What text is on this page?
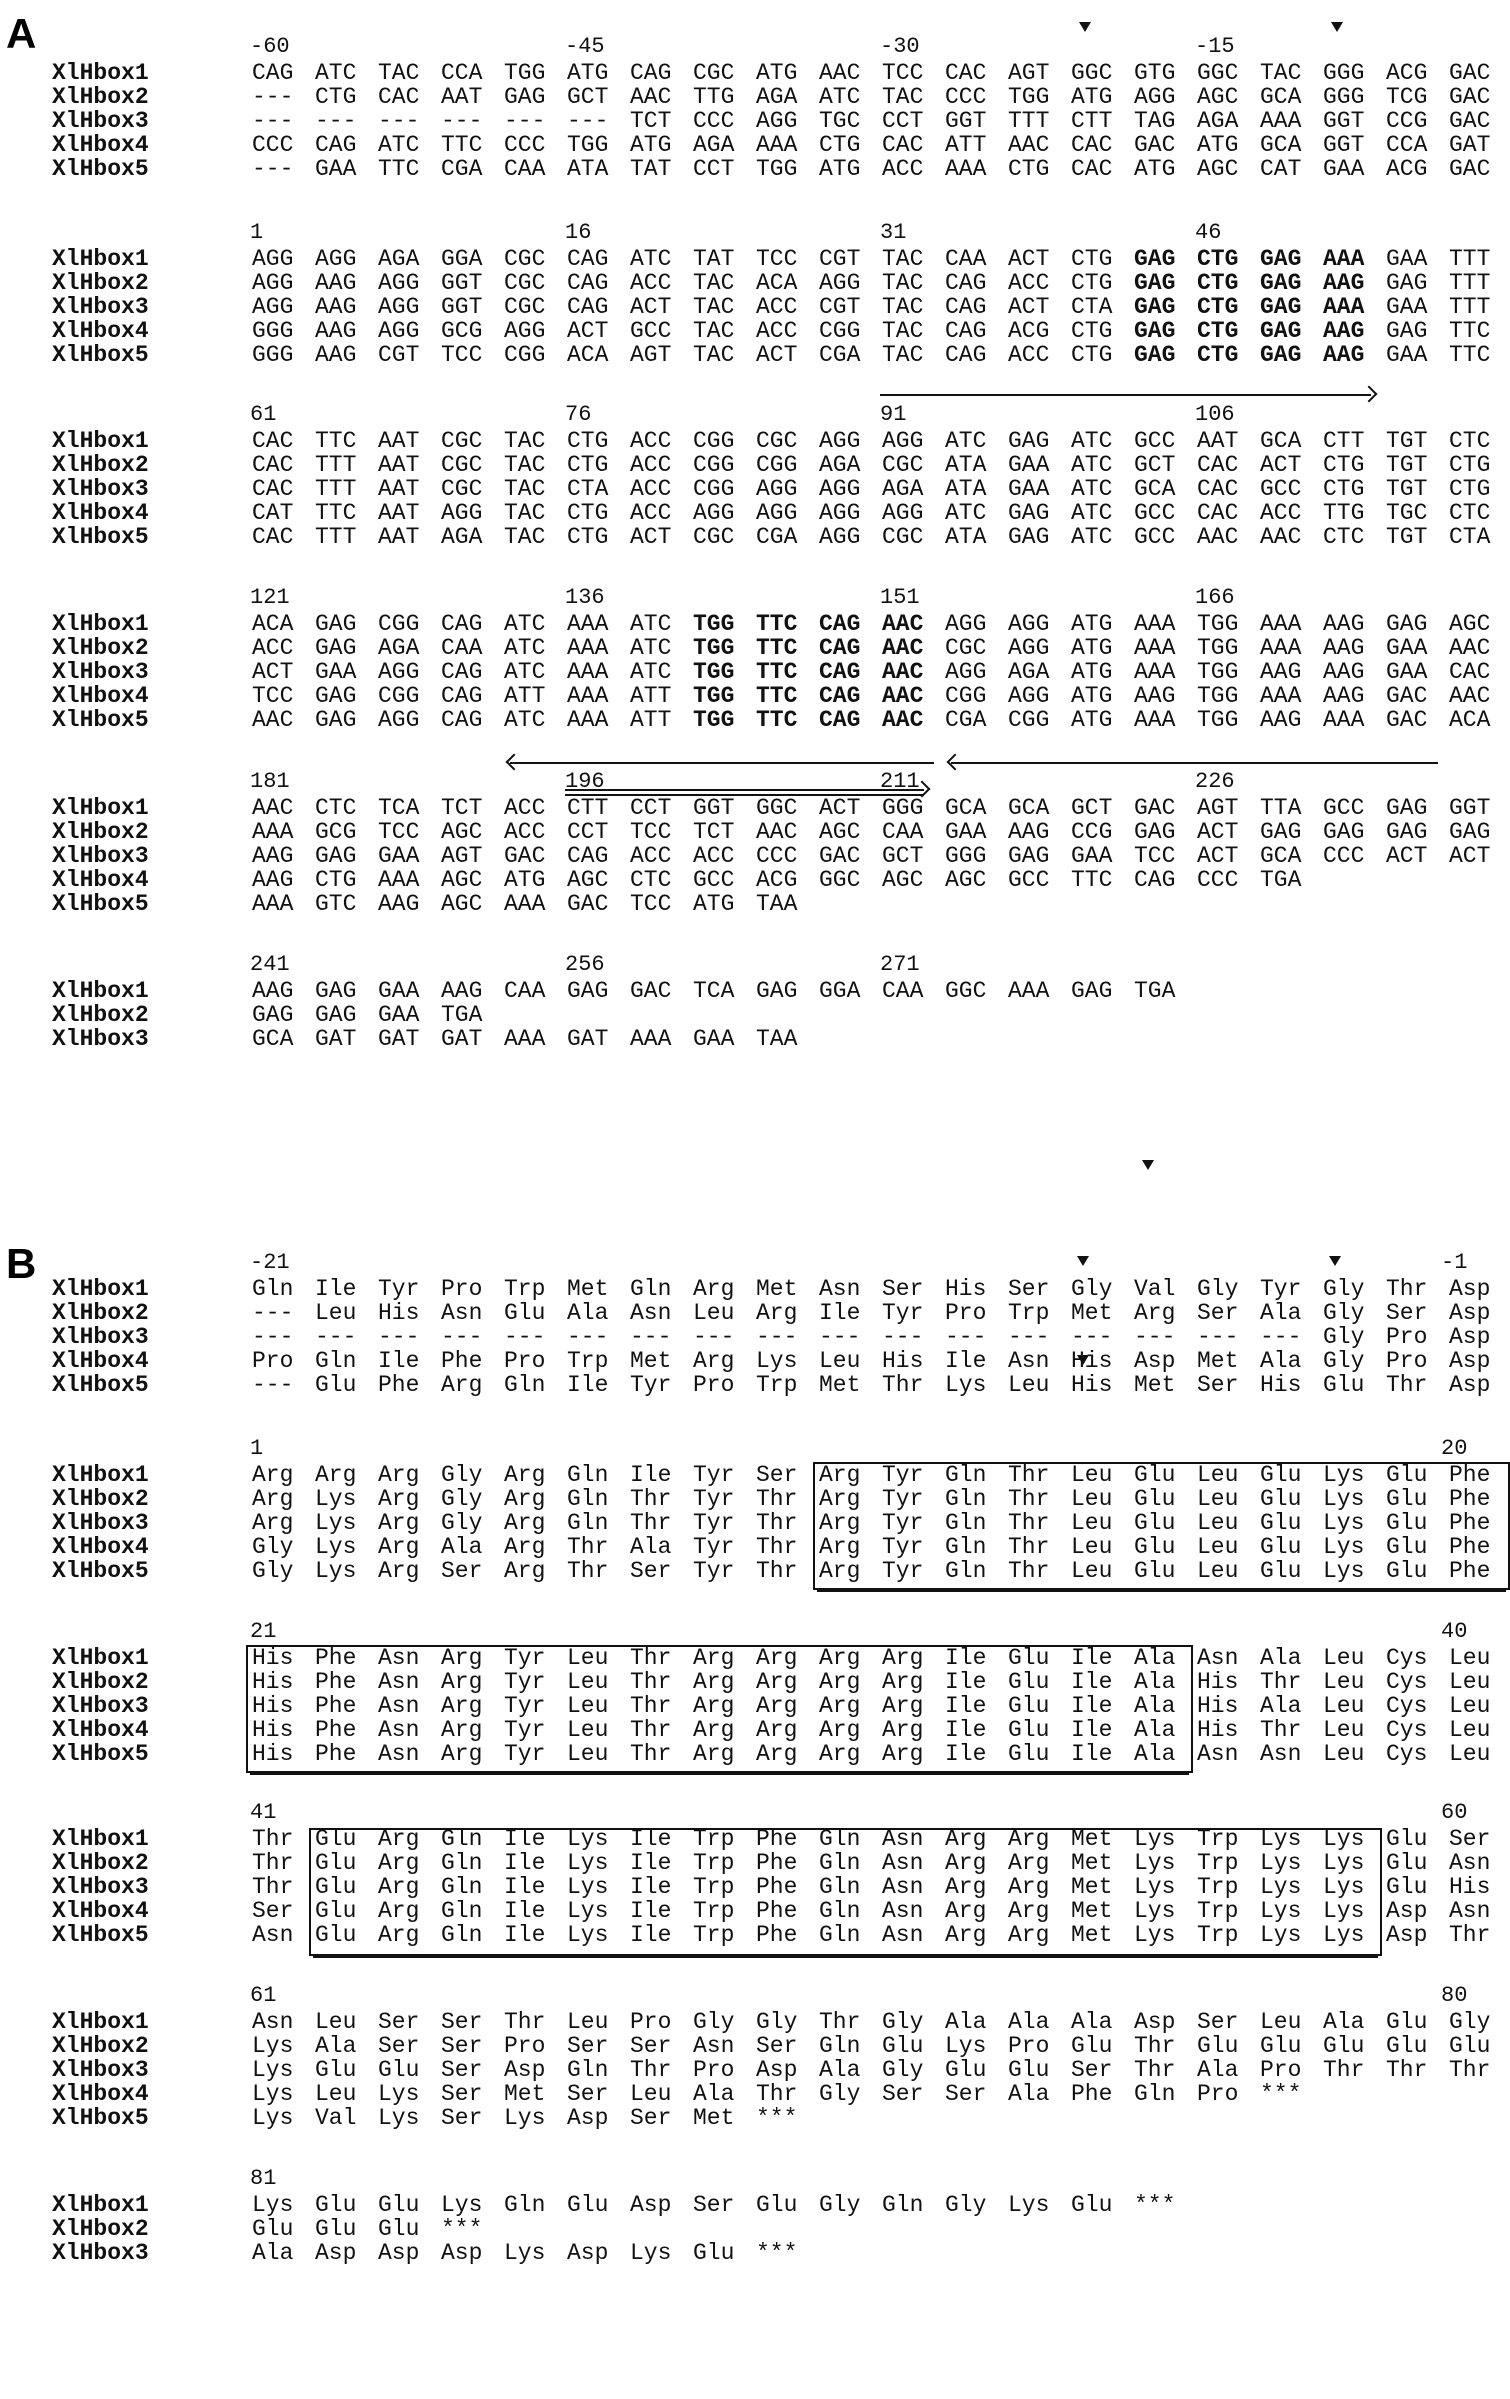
A
B
-60	-45	-30	-15
XlHbox1	CAG ATC TAC CCA TGG ATG CAG CGC ATG AAC TCC CAC AGT GGC GTG GGC TAC GGG ACG GAC
XlHbox2	--- CTG CAC AAT GAG GCT AAC TTG AGA ATC TAC CCC TGG ATG AGG AGC GCA GGG TCG GAC
XlHbox3	--- --- --- --- --- --- TCT CCC AGG TGC CCT GGT TTT CTT TAG AGA AAA GGT CCG GAC
XlHbox4	CCC CAG ATC TTC CCC TGG ATG AGA AAA CTG CAC ATT AAC CAC GAC ATG GCA GGT CCA GAT
XlHbox5	--- GAA TTC CGA CAA ATA TAT CCT TGG ATG ACC AAA CTG CAC ATG AGC CAT GAA ACG GAC
1	16	31	46
XlHbox1	AGG AGG AGA GGA CGC CAG ATC TAT TCC CGT TAC CAA ACT CTG GAG CTG GAG AAA GAA TTT
XlHbox2	AGG AAG AGG GGT CGC CAG ACC TAC ACA AGG TAC CAG ACC CTG GAG CTG GAG AAG GAG TTT
XlHbox3	AGG AAG AGG GGT CGC CAG ACT TAC ACC CGT TAC CAG ACT CTA GAG CTG GAG AAA GAA TTT
XlHbox4	GGG AAG AGG GCG AGG ACT GCC TAC ACC CGG TAC CAG ACG CTG GAG CTG GAG AAG GAG TTC
XlHbox5	GGG AAG CGT TCC CGG ACA AGT TAC ACT CGA TAC CAG ACC CTG GAG CTG GAG AAG GAA TTC
61	76	91	106
XlHbox1	CAC TTC AAT CGC TAC CTG ACC CGG CGC AGG AGG ATC GAG ATC GCC AAT GCA CTT TGT CTC
XlHbox2	CAC TTT AAT CGC TAC CTG ACC CGG CGG AGA CGC ATA GAA ATC GCT CAC ACT CTG TGT CTG
XlHbox3	CAC TTT AAT CGC TAC CTA ACC CGG AGG AGG AGA ATA GAA ATC GCA CAC GCC CTG TGT CTG
XlHbox4	CAT TTC AAT AGG TAC CTG ACC AGG AGG AGG AGG ATC GAG ATC GCC CAC ACC TTG TGC CTC
XlHbox5	CAC TTT AAT AGA TAC CTG ACT CGC CGA AGG CGC ATA GAG ATC GCC AAC AAC CTC TGT CTA
121	136	151	166
XlHbox1	ACA GAG CGG CAG ATC AAA ATC TGG TTC CAG AAC AGG AGG ATG AAA TGG AAA AAG GAG AGC
XlHbox2	ACC GAG AGA CAA ATC AAA ATC TGG TTC CAG AAC CGC AGG ATG AAA TGG AAA AAG GAA AAC
XlHbox3	ACT GAA AGG CAG ATC AAA ATC TGG TTC CAG AAC AGG AGA ATG AAA TGG AAG AAG GAA CAC
XlHbox4	TCC GAG CGG CAG ATT AAA ATT TGG TTC CAG AAC CGG AGG ATG AAG TGG AAA AAG GAC AAC
XlHbox5	AAC GAG AGG CAG ATC AAA ATT TGG TTC CAG AAC CGA CGG ATG AAA TGG AAG AAA GAC ACA
181	196	211	226
XlHbox1	AAC CTC TCA TCT ACC CTT CCT GGT GGC ACT GGG GCA GCA GCT GAC AGT TTA GCC GAG GGT
XlHbox2	AAA GCG TCC AGC ACC CCT TCC TCT AAC AGC CAA GAA AAG CCG GAG ACT GAG GAG GAG GAG
XlHbox3	AAG GAG GAA AGT GAC CAG ACC ACC CCC GAC GCT GGG GAG GAA TCC ACT GCA CCC ACT ACT
XlHbox4	AAG CTG AAA AGC ATG AGC CTC GCC ACG GGC AGC AGC GCC TTC CAG CCC TGA
XlHbox5	AAA GTC AAG AGC AAA GAC TCC ATG TAA
241	256	271
XlHbox1	AAG GAG GAA AAG CAA GAG GAC TCA GAG GGA CAA GGC AAA GAG TGA
XlHbox2	GAG GAG GAA TGA
XlHbox3	GCA GAT GAT GAT AAA GAT AAA GAA TAA
-21	-1
XlHbox1	Gln Ile Tyr Pro Trp Met Gln Arg Met Asn Ser His Ser Gly Val Gly Tyr Gly Thr Asp
XlHbox2	--- Leu His Asn Glu Ala Asn Leu Arg Ile Tyr Pro Trp Met Arg Ser Ala Gly Ser Asp
XlHbox3	--- --- --- --- --- --- --- --- --- --- --- --- --- --- --- --- --- Gly Pro Asp
XlHbox4	Pro Gln Ile Phe Pro Trp Met Arg Lys Leu His Ile Asn His Asp Met Ala Gly Pro Asp
XlHbox5	--- Glu Phe Arg Gln Ile Tyr Pro Trp Met Thr Lys Leu His Met Ser His Glu Thr Asp
1	20
XlHbox1	Arg Arg Arg Gly Arg Gln Ile Tyr Ser Arg Tyr Gln Thr Leu Glu Leu Glu Lys Glu Phe
XlHbox2	Arg Lys Arg Gly Arg Gln Thr Tyr Thr Arg Tyr Gln Thr Leu Glu Leu Glu Lys Glu Phe
XlHbox3	Arg Lys Arg Gly Arg Gln Thr Tyr Thr Arg Tyr Gln Thr Leu Glu Leu Glu Lys Glu Phe
XlHbox4	Gly Lys Arg Ala Arg Thr Ala Tyr Thr Arg Tyr Gln Thr Leu Glu Leu Glu Lys Glu Phe
XlHbox5	Gly Lys Arg Ser Arg Thr Ser Tyr Thr Arg Tyr Gln Thr Leu Glu Leu Glu Lys Glu Phe
21	40
XlHbox1	His Phe Asn Arg Tyr Leu Thr Arg Arg Arg Arg Ile Glu Ile Ala Asn Ala Leu Cys Leu
XlHbox2	His Phe Asn Arg Tyr Leu Thr Arg Arg Arg Arg Ile Glu Ile Ala His Thr Leu Cys Leu
XlHbox3	His Phe Asn Arg Tyr Leu Thr Arg Arg Arg Arg Ile Glu Ile Ala His Ala Leu Cys Leu
XlHbox4	His Phe Asn Arg Tyr Leu Thr Arg Arg Arg Arg Ile Glu Ile Ala His Thr Leu Cys Leu
XlHbox5	His Phe Asn Arg Tyr Leu Thr Arg Arg Arg Arg Ile Glu Ile Ala Asn Asn Leu Cys Leu
41	60
XlHbox1	Thr Glu Arg Gln Ile Lys Ile Trp Phe Gln Asn Arg Arg Met Lys Trp Lys Lys Glu Ser
XlHbox2	Thr Glu Arg Gln Ile Lys Ile Trp Phe Gln Asn Arg Arg Met Lys Trp Lys Lys Glu Asn
XlHbox3	Thr Glu Arg Gln Ile Lys Ile Trp Phe Gln Asn Arg Arg Met Lys Trp Lys Lys Glu His
XlHbox4	Ser Glu Arg Gln Ile Lys Ile Trp Phe Gln Asn Arg Arg Met Lys Trp Lys Lys Asp Asn
XlHbox5	Asn Glu Arg Gln Ile Lys Ile Trp Phe Gln Asn Arg Arg Met Lys Trp Lys Lys Asp Thr
61	80
XlHbox1	Asn Leu Ser Ser Thr Leu Pro Gly Gly Thr Gly Ala Ala Ala Asp Ser Leu Ala Glu Gly
XlHbox2	Lys Ala Ser Ser Pro Ser Ser Asn Ser Gln Glu Lys Pro Glu Thr Glu Glu Glu Glu Glu
XlHbox3	Lys Glu Glu Ser Asp Gln Thr Pro Asp Ala Gly Glu Glu Ser Thr Ala Pro Thr Thr Thr
XlHbox4	Lys Leu Lys Ser Met Ser Leu Ala Thr Gly Ser Ser Ala Phe Gln Pro ***
XlHbox5	Lys Val Lys Ser Lys Asp Ser Met ***
81
XlHbox1	Lys Glu Glu Lys Gln Glu Asp Ser Glu Gly Gln Gly Lys Glu ***
XlHbox2	Glu Glu Glu ***
XlHbox3	Ala Asp Asp Asp Lys Asp Lys Glu ***
